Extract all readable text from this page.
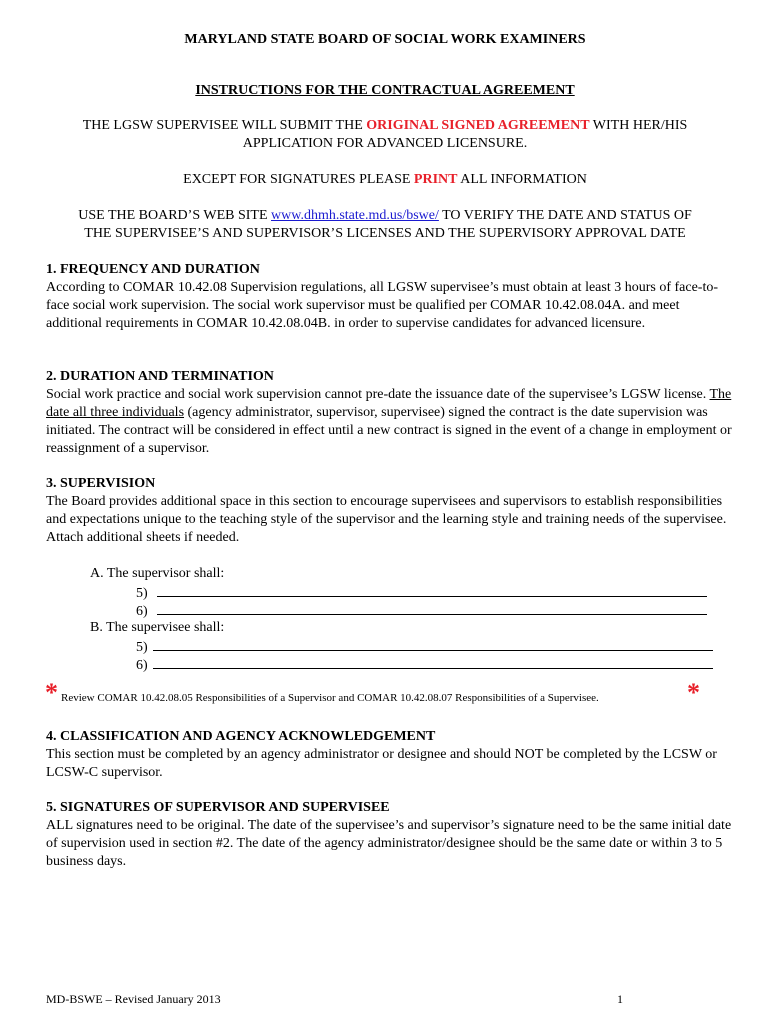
MARYLAND STATE BOARD OF SOCIAL WORK EXAMINERS
INSTRUCTIONS FOR THE CONTRACTUAL AGREEMENT
THE LGSW SUPERVISEE WILL SUBMIT THE ORIGINAL SIGNED AGREEMENT WITH HER/HIS
APPLICATION FOR ADVANCED LICENSURE.
EXCEPT FOR SIGNATURES PLEASE PRINT ALL INFORMATION
USE THE BOARD’S WEB SITE www.dhmh.state.md.us/bswe/ TO VERIFY THE DATE AND STATUS OF
THE SUPERVISEE’S AND SUPERVISOR’S LICENSES AND THE SUPERVISORY APPROVAL DATE
1. FREQUENCY AND DURATION
According to COMAR 10.42.08 Supervision regulations, all LGSW supervisee’s must obtain at least 3 hours of face-to-face social work supervision. The social work supervisor must be qualified per COMAR 10.42.08.04A. and meet additional requirements in COMAR 10.42.08.04B. in order to supervise candidates for advanced licensure.
2. DURATION AND TERMINATION
Social work practice and social work supervision cannot pre-date the issuance date of the supervisee’s LGSW license. The date all three individuals (agency administrator, supervisor, supervisee) signed the contract is the date supervision was initiated. The contract will be considered in effect until a new contract is signed in the event of a change in employment or reassignment of a supervisor.
3. SUPERVISION
The Board provides additional space in this section to encourage supervisees and supervisors to establish responsibilities and expectations unique to the teaching style of the supervisor and the learning style and training needs of the supervisee. Attach additional sheets if needed.
A. The supervisor shall:
5)
6)
B. The supervisee shall:
5)
6)
* Review COMAR 10.42.08.05 Responsibilities of a Supervisor and COMAR 10.42.08.07 Responsibilities of a Supervisee.	*
4. CLASSIFICATION AND AGENCY ACKNOWLEDGEMENT
This section must be completed by an agency administrator or designee and should NOT be completed by the LCSW or LCSW-C supervisor.
5. SIGNATURES OF SUPERVISOR AND SUPERVISEE
ALL signatures need to be original. The date of the supervisee’s and supervisor’s signature need to be the same initial date of supervision used in section #2. The date of the agency administrator/designee should be the same date or within 3 to 5 business days.
MD-BSWE – Revised January 2013	1
